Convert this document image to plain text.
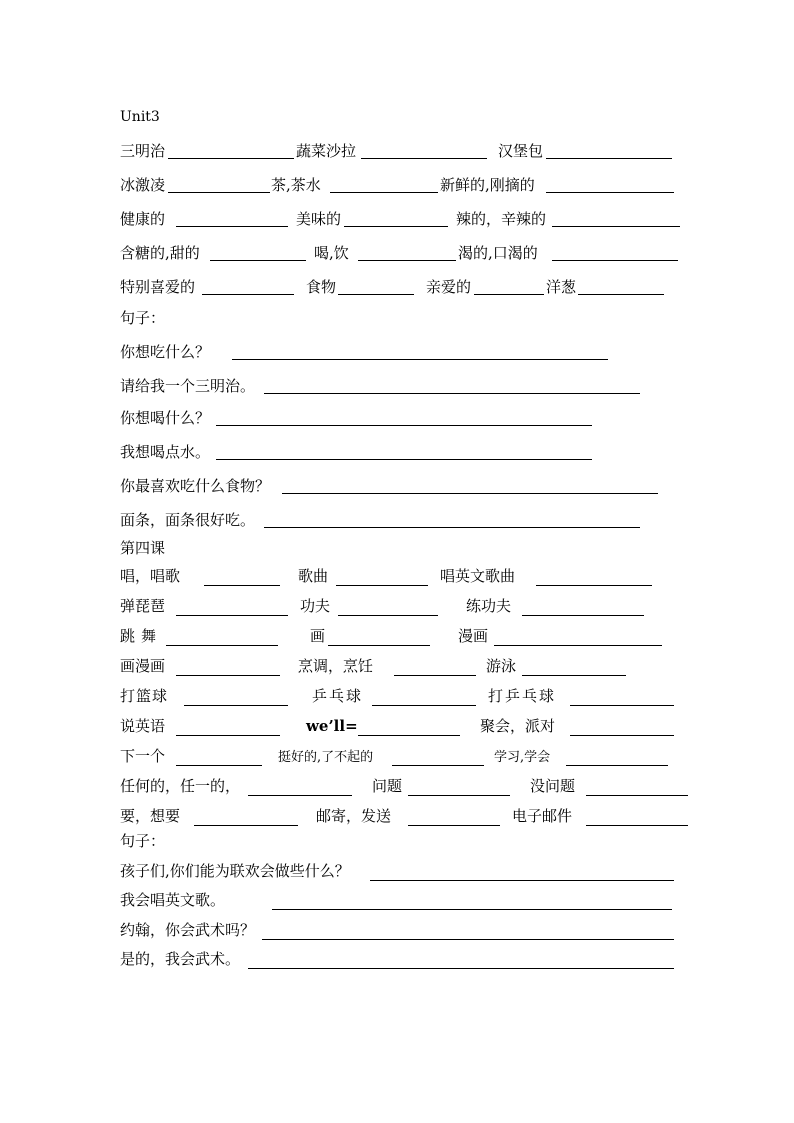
Unit3
三明治	蔬菜沙拉	汉堡包
冰激凌	茶,茶水	新鲜的,刚摘的
健康的	美味的	辣的，辛辣的
含糖的,甜的	喝,饮	渴的,口渴的
特别喜爱的	食物	亲爱的	洋葱
句子：
你想吃什么？
请给我一个三明治。
你想喝什么？
我想喝点水。
你最喜欢吃什么食物？
面条，面条很好吃。
第四课
唱，唱歌	歌曲	唱英文歌曲
弹琵琶	功夫	练功夫
跳舞	画	漫画
画漫画	烹调，烹饪	游泳
打篮球	乒乓球	打乒乓球
说英语	we’ll=	聚会，派对
下一个	挺好的,了不起的	学习,学会
任何的，任一的，	问题	没问题
要，想要	邮寄，发送	电子邮件
句子：
孩子们,你们能为联欢会做些什么？
我会唱英文歌。
约翰，你会武术吗？
是的，我会武术。
